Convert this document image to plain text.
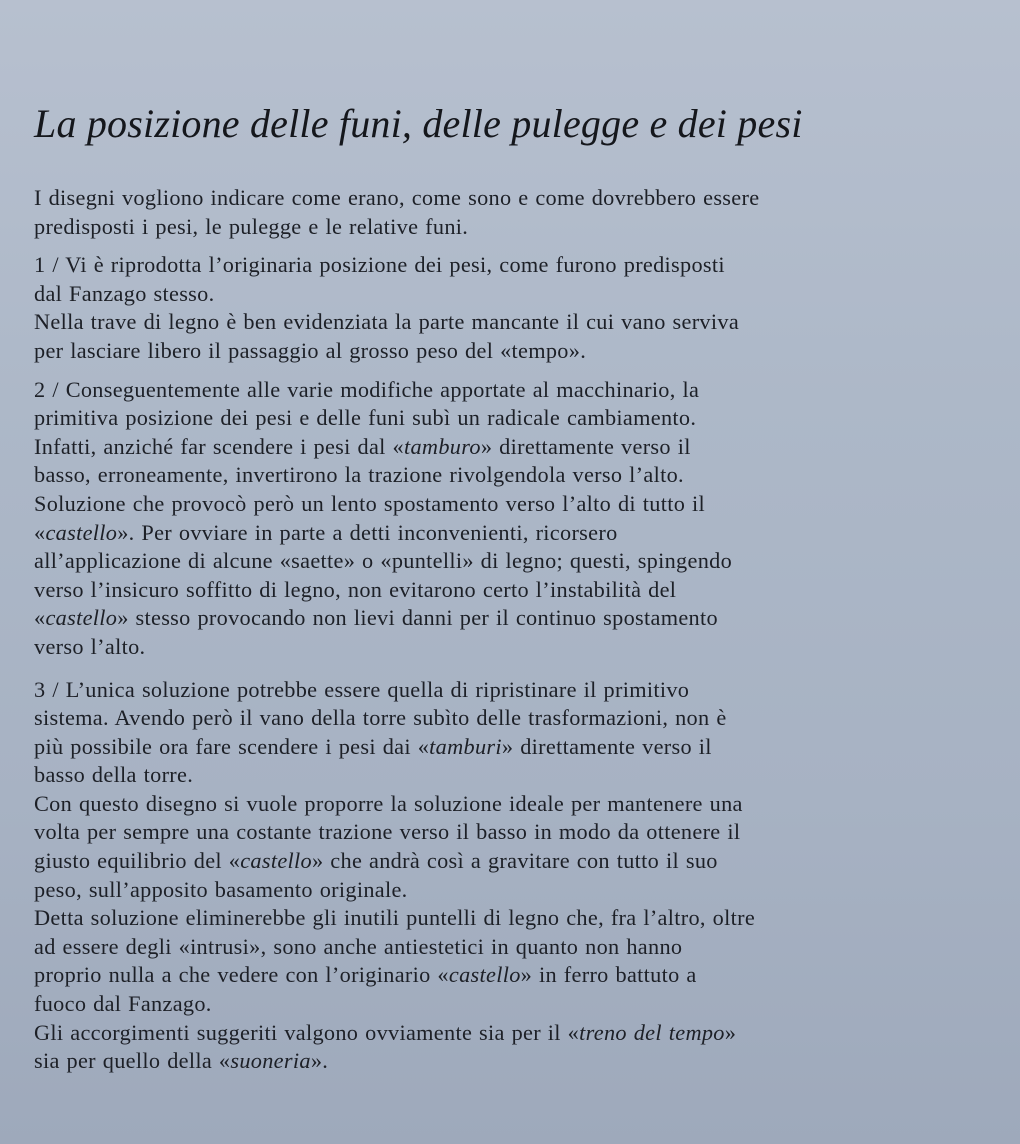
La posizione delle funi, delle pulegge e dei pesi

I disegni vogliono indicare come erano, come sono e come dovrebbero essere
predisposti i pesi, le pulegge e le relative funi.

1 / Vi è riprodotta l’originaria posizione dei pesi, come furono predisposti
dal Fanzago stesso.
Nella trave di legno è ben evidenziata la parte mancante il cui vano serviva
per lasciare libero il passaggio al grosso peso del «tempo».

2 / Conseguentemente alle varie modifiche apportate al macchinario, la
primitiva posizione dei pesi e delle funi subì un radicale cambiamento.
Infatti, anziché far scendere i pesi dal «tamburo» direttamente verso il
basso, erroneamente, invertirono la trazione rivolgendola verso l’alto.
Soluzione che provocò però un lento spostamento verso l’alto di tutto il
«castello». Per ovviare in parte a detti inconvenienti, ricorsero
all’applicazione di alcune «saette» o «puntelli» di legno; questi, spingendo
verso l’insicuro soffitto di legno, non evitarono certo l’instabilità del
«castello» stesso provocando non lievi danni per il continuo spostamento
verso l’alto.

3 / L’unica soluzione potrebbe essere quella di ripristinare il primitivo
sistema. Avendo però il vano della torre subìto delle trasformazioni, non è
più possibile ora fare scendere i pesi dai «tamburi» direttamente verso il
basso della torre.
Con questo disegno si vuole proporre la soluzione ideale per mantenere una
volta per sempre una costante trazione verso il basso in modo da ottenere il
giusto equilibrio del «castello» che andrà così a gravitare con tutto il suo
peso, sull’apposito basamento originale.
Detta soluzione eliminerebbe gli inutili puntelli di legno che, fra l’altro, oltre
ad essere degli «intrusi», sono anche antiestetici in quanto non hanno
proprio nulla a che vedere con l’originario «castello» in ferro battuto a
fuoco dal Fanzago.
Gli accorgimenti suggeriti valgono ovviamente sia per il «treno del tempo»
sia per quello della «suoneria».
